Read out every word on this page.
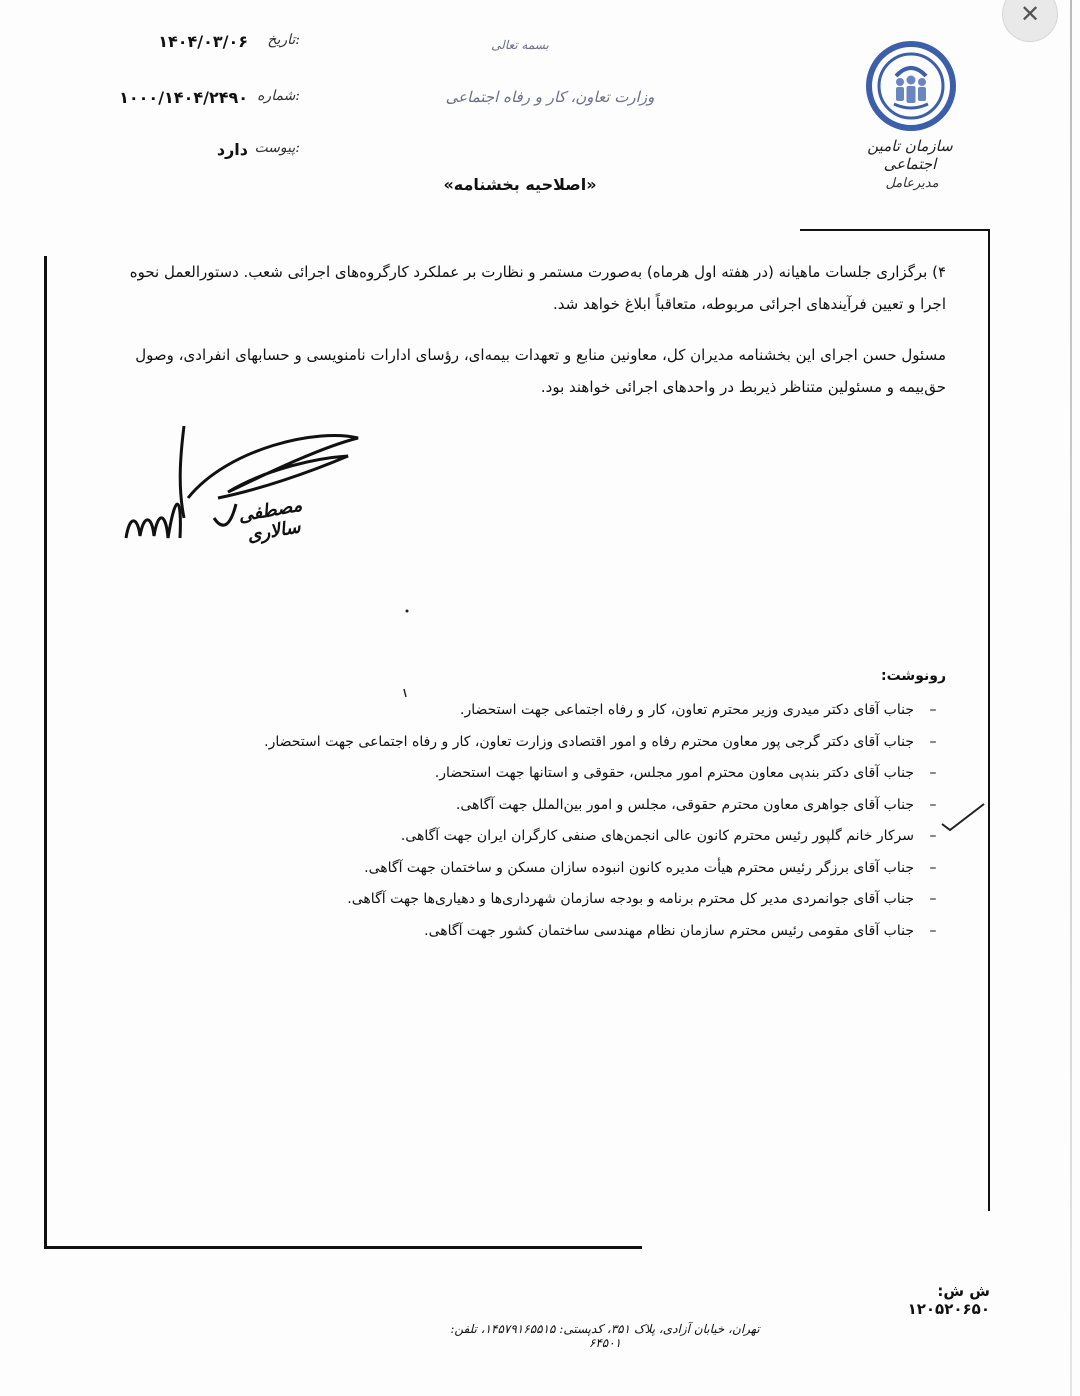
✕
سازمان تامین اجتماعی
مدیرعامل
بسمه تعالی
وزارت تعاون، کار و رفاه اجتماعی
تاریخ:
۱۴۰۴/۰۳/۰۶
شماره:
۱۰۰۰/۱۴۰۴/۲۴۹۰
پیوست:
دارد
«اصلاحیه بخشنامه»
۴) برگزاری جلسات ماهیانه (در هفته اول هرماه) به‌صورت مستمر و نظارت بر عملکرد کارگروه‌های اجرائی شعب. دستورالعمل نحوه اجرا و تعیین فرآیندهای اجرائی مربوطه، متعاقباً ابلاغ خواهد شد.
مسئول حسن اجرای این بخشنامه مدیران کل، معاونین منابع و تعهدات بیمه‌ای، رؤسای ادارات نامنویسی و حسابهای انفرادی، وصول حق‌بیمه و مسئولین متناظر ذیربط در واحدهای اجرائی خواهند بود.
مصطفی سالاری
رونوشت:
–جناب آقای دکتر میدری وزیر محترم تعاون، کار و رفاه اجتماعی جهت استحضار.
–جناب آقای دکتر گرجی پور معاون محترم رفاه و امور اقتصادی وزارت تعاون، کار و رفاه اجتماعی جهت استحضار.
–جناب آقای دکتر بندپی معاون محترم امور مجلس، حقوقی و استانها جهت استحضار.
–جناب آقای جواهری معاون محترم حقوقی، مجلس و امور بین‌الملل جهت آگاهی.
–سرکار خانم گلپور رئیس محترم کانون عالی انجمن‌های صنفی کارگران ایران جهت آگاهی.
–جناب آقای برزگر رئیس محترم هیأت مدیره کانون انبوده سازان مسکن و ساختمان جهت آگاهی.
–جناب آقای جوانمردی مدیر کل محترم برنامه و بودجه سازمان شهرداری‌ها و دهیاری‌ها جهت آگاهی.
–جناب آقای مقومی رئیس محترم سازمان نظام مهندسی ساختمان کشور جهت آگاهی.
ش ش: ۱۲۰۵۲۰۶۵۰
تهران، خیابان آزادی، پلاک ۳۵۱، کدپستی: ۱۴۵۷۹۱۶۵۵۱۵، تلفن: ۶۴۵۰۱
